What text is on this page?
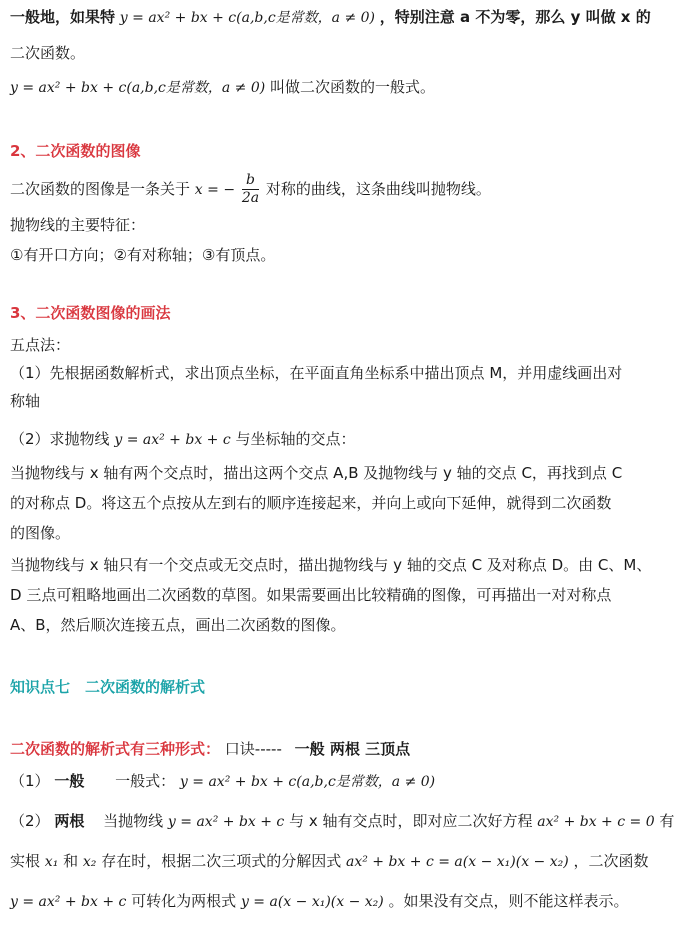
一般地，如果特 y = ax² + bx + c(a,b,c是常数，a ≠ 0) ，特别注意 a 不为零，那么 y 叫做 x 的
二次函数。
y = ax² + bx + c(a,b,c是常数，a ≠ 0) 叫做二次函数的一般式。
2、二次函数的图像
二次函数的图像是一条关于 x = − $\frac{b}{2a}$ 对称的曲线，这条曲线叫抛物线。
抛物线的主要特征：
①有开口方向；②有对称轴；③有顶点。
3、二次函数图像的画法
五点法：
（1）先根据函数解析式，求出顶点坐标，在平面直角坐标系中描出顶点 M，并用虚线画出对
称轴
（2）求抛物线 y = ax² + bx + c 与坐标轴的交点：
当抛物线与 x 轴有两个交点时，描出这两个交点 A,B 及抛物线与 y 轴的交点 C，再找到点 C
的对称点 D。将这五个点按从左到右的顺序连接起来，并向上或向下延伸，就得到二次函数
的图像。
当抛物线与 x 轴只有一个交点或无交点时，描出抛物线与 y 轴的交点 C 及对称点 D。由 C、M、
D 三点可粗略地画出二次函数的草图。如果需要画出比较精确的图像，可再描出一对对称点
A、B，然后顺次连接五点，画出二次函数的图像。
知识点七　二次函数的解析式
二次函数的解析式有三种形式： 口诀----- 一般 两根 三顶点
（1） 一般 一般式： y = ax² + bx + c(a,b,c是常数，a ≠ 0)
（2） 两根 当抛物线 y = ax² + bx + c 与 x 轴有交点时，即对应二次好方程 ax² + bx + c = 0 有
实根 x₁ 和 x₂ 存在时，根据二次三项式的分解因式 ax² + bx + c = a(x − x₁)(x − x₂) ，二次函数
y = ax² + bx + c 可转化为两根式 y = a(x − x₁)(x − x₂) 。如果没有交点，则不能这样表示。
